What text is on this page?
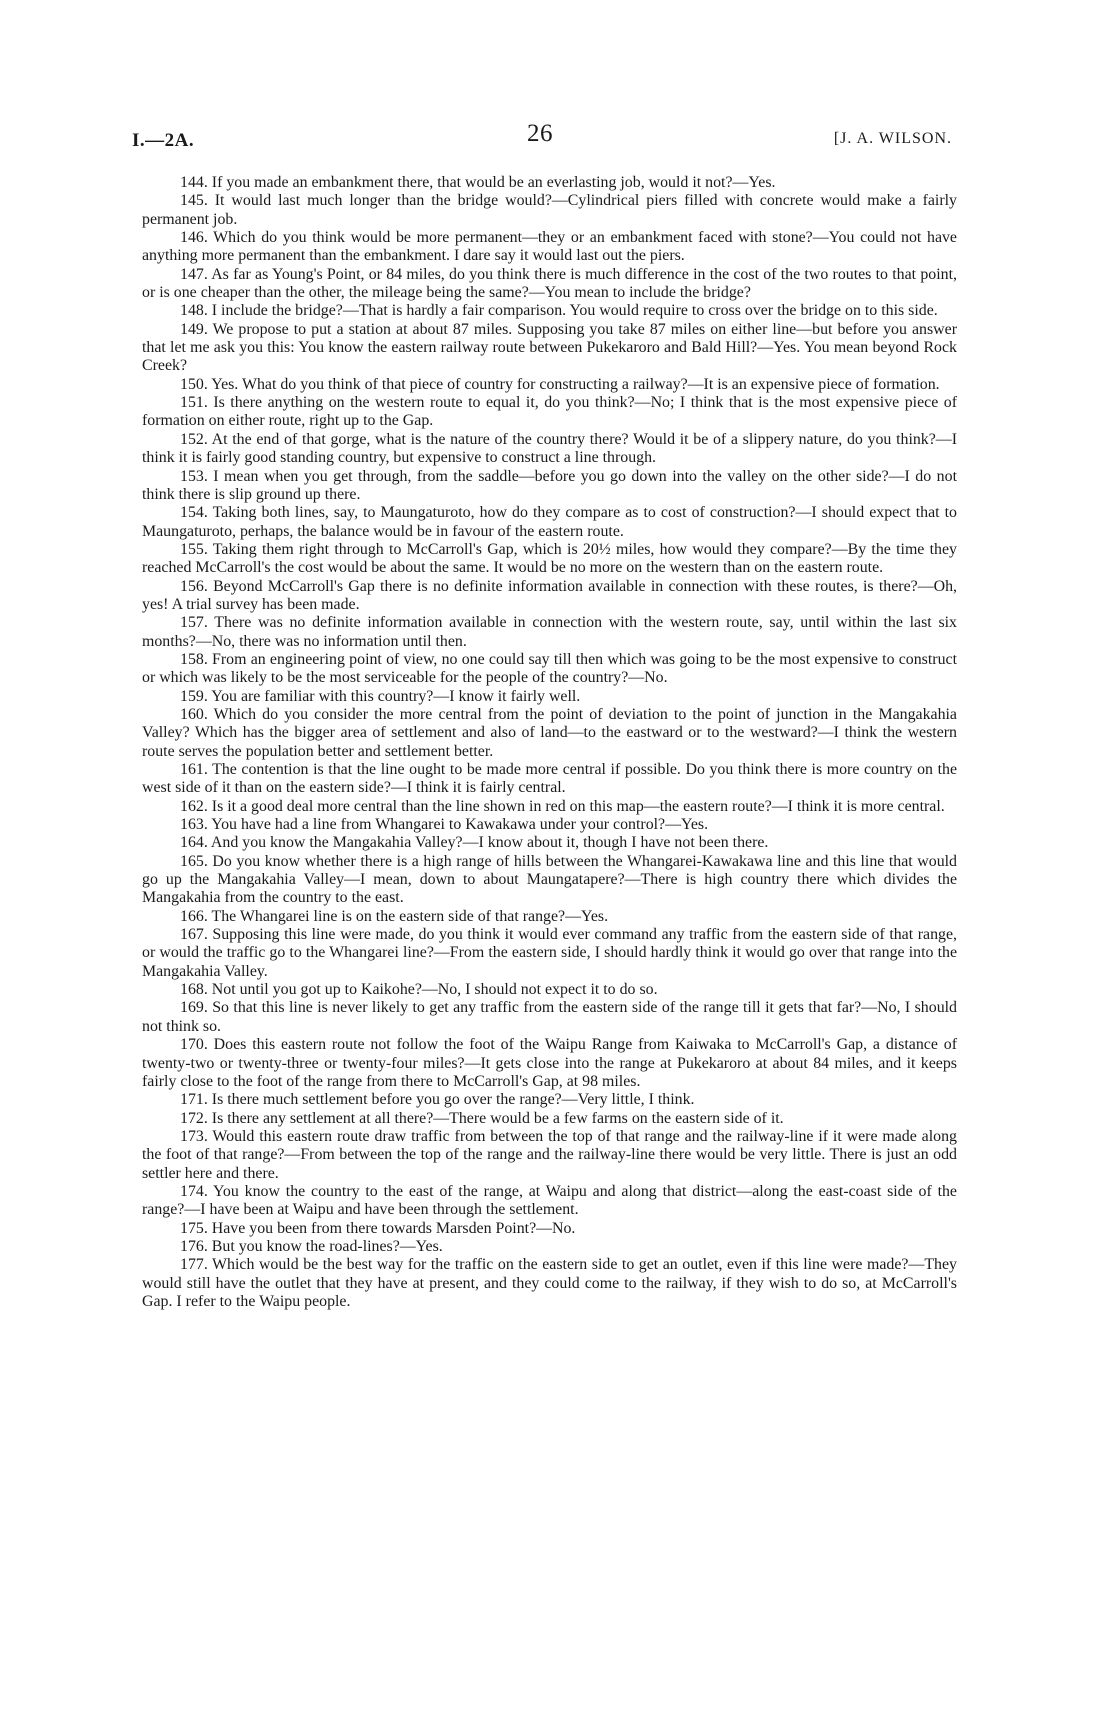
I.—2A.	26	[J. A. WILSON.

144. If you made an embankment there, that would be an everlasting job, would it not?—Yes.

145. It would last much longer than the bridge would?—Cylindrical piers filled with concrete would make a fairly permanent job.

146. Which do you think would be more permanent—they or an embankment faced with stone?—You could not have anything more permanent than the embankment. I dare say it would last out the piers.

147. As far as Young's Point, or 84 miles, do you think there is much difference in the cost of the two routes to that point, or is one cheaper than the other, the mileage being the same?—You mean to include the bridge?

148. I include the bridge?—That is hardly a fair comparison. You would require to cross over the bridge on to this side.

149. We propose to put a station at about 87 miles. Supposing you take 87 miles on either line—but before you answer that let me ask you this: You know the eastern railway route between Pukekaroro and Bald Hill?—Yes. You mean beyond Rock Creek?

150. Yes. What do you think of that piece of country for constructing a railway?—It is an expensive piece of formation.

151. Is there anything on the western route to equal it, do you think?—No; I think that is the most expensive piece of formation on either route, right up to the Gap.

152. At the end of that gorge, what is the nature of the country there? Would it be of a slippery nature, do you think?—I think it is fairly good standing country, but expensive to construct a line through.

153. I mean when you get through, from the saddle—before you go down into the valley on the other side?—I do not think there is slip ground up there.

154. Taking both lines, say, to Maungaturoto, how do they compare as to cost of construction?—I should expect that to Maungaturoto, perhaps, the balance would be in favour of the eastern route.

155. Taking them right through to McCarroll's Gap, which is 20½ miles, how would they compare?—By the time they reached McCarroll's the cost would be about the same. It would be no more on the western than on the eastern route.

156. Beyond McCarroll's Gap there is no definite information available in connection with these routes, is there?—Oh, yes! A trial survey has been made.

157. There was no definite information available in connection with the western route, say, until within the last six months?—No, there was no information until then.

158. From an engineering point of view, no one could say till then which was going to be the most expensive to construct or which was likely to be the most serviceable for the people of the country?—No.

159. You are familiar with this country?—I know it fairly well.

160. Which do you consider the more central from the point of deviation to the point of junction in the Mangakahia Valley? Which has the bigger area of settlement and also of land—to the eastward or to the westward?—I think the western route serves the population better and settlement better.

161. The contention is that the line ought to be made more central if possible. Do you think there is more country on the west side of it than on the eastern side?—I think it is fairly central.

162. Is it a good deal more central than the line shown in red on this map—the eastern route?—I think it is more central.

163. You have had a line from Whangarei to Kawakawa under your control?—Yes.

164. And you know the Mangakahia Valley?—I know about it, though I have not been there.

165. Do you know whether there is a high range of hills between the Whangarei-Kawakawa line and this line that would go up the Mangakahia Valley—I mean, down to about Maungatapere?—There is high country there which divides the Mangakahia from the country to the east.

166. The Whangarei line is on the eastern side of that range?—Yes.

167. Supposing this line were made, do you think it would ever command any traffic from the eastern side of that range, or would the traffic go to the Whangarei line?—From the eastern side, I should hardly think it would go over that range into the Mangakahia Valley.

168. Not until you got up to Kaikohe?—No, I should not expect it to do so.

169. So that this line is never likely to get any traffic from the eastern side of the range till it gets that far?—No, I should not think so.

170. Does this eastern route not follow the foot of the Waipu Range from Kaiwaka to McCarroll's Gap, a distance of twenty-two or twenty-three or twenty-four miles?—It gets close into the range at Pukekaroro at about 84 miles, and it keeps fairly close to the foot of the range from there to McCarroll's Gap, at 98 miles.

171. Is there much settlement before you go over the range?—Very little, I think.

172. Is there any settlement at all there?—There would be a few farms on the eastern side of it.

173. Would this eastern route draw traffic from between the top of that range and the railway-line if it were made along the foot of that range?—From between the top of the range and the railway-line there would be very little. There is just an odd settler here and there.

174. You know the country to the east of the range, at Waipu and along that district—along the east-coast side of the range?—I have been at Waipu and have been through the settlement.

175. Have you been from there towards Marsden Point?—No.

176. But you know the road-lines?—Yes.

177. Which would be the best way for the traffic on the eastern side to get an outlet, even if this line were made?—They would still have the outlet that they have at present, and they could come to the railway, if they wish to do so, at McCarroll's Gap. I refer to the Waipu people.
